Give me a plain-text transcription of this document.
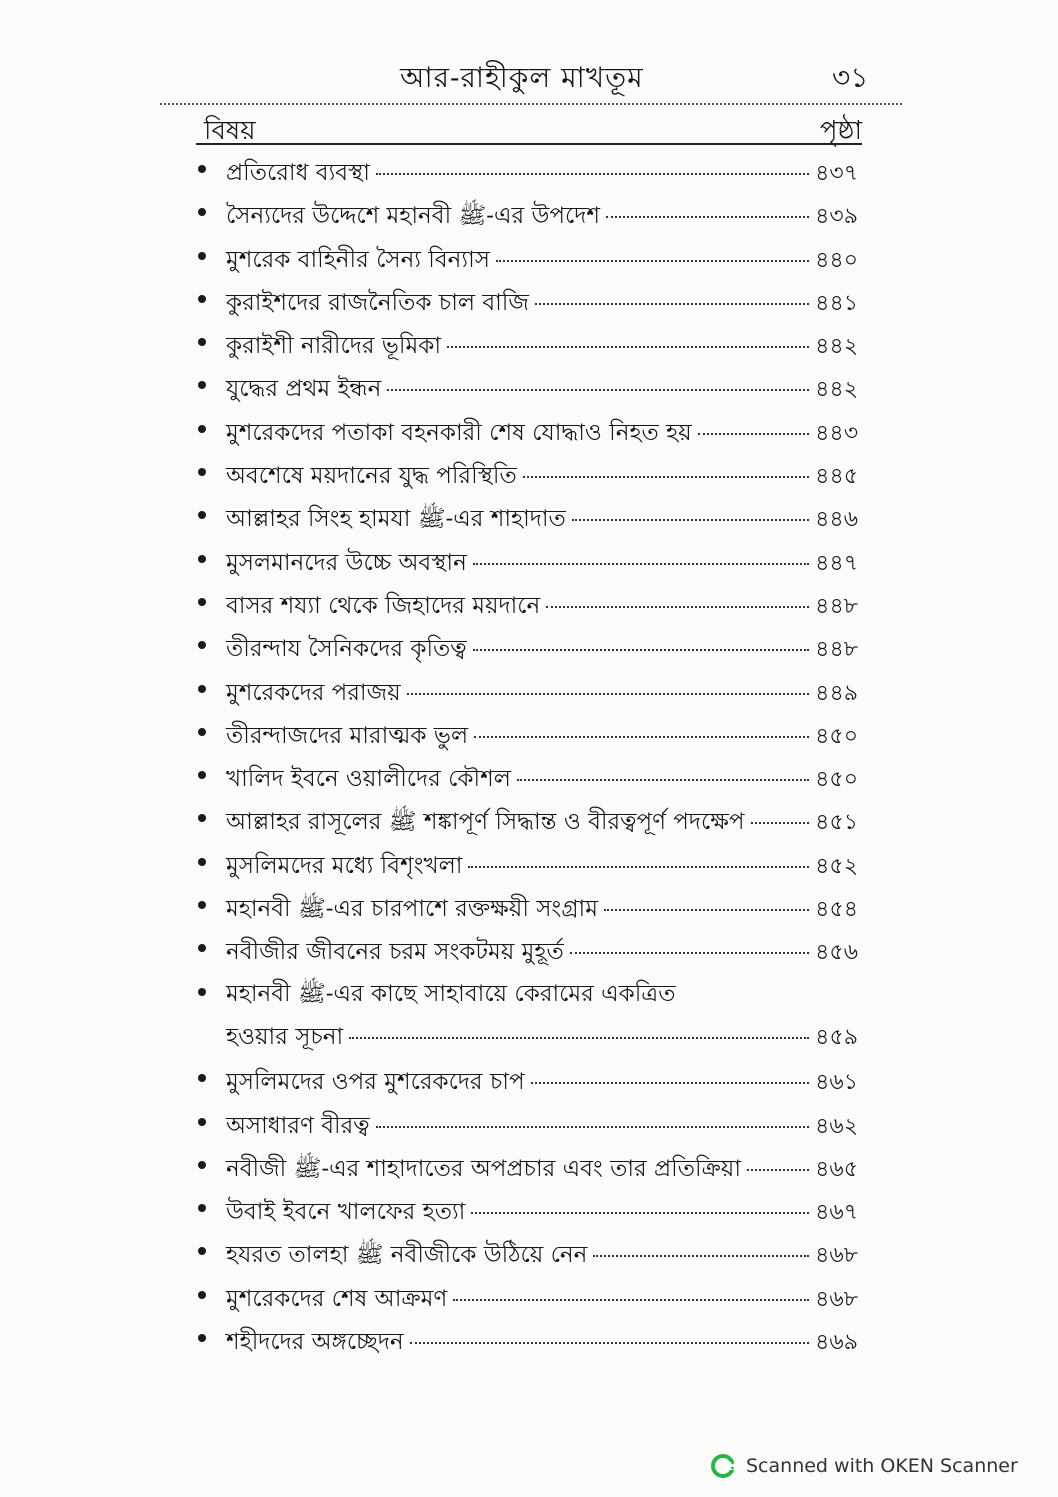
আর-রাহীকুল মাখতূম	৩১
বিষয়	পৃষ্ঠা
প্রতিরোধ ব্যবস্থা	৪৩৭
সৈন্যদের উদ্দেশে মহানবী ﷺ-এর উপদেশ	৪৩৯
মুশরেক বাহিনীর সৈন্য বিন্যাস	৪৪০
কুরাইশদের রাজনৈতিক চাল বাজি	৪৪১
কুরাইশী নারীদের ভূমিকা	৪৪২
যুদ্ধের প্রথম ইন্ধন	৪৪২
মুশরেকদের পতাকা বহনকারী শেষ যোদ্ধাও নিহত হয়	৪৪৩
অবশেষে ময়দানের যুদ্ধ পরিস্থিতি	৪৪৫
আল্লাহর সিংহ হামযা ﷺ-এর শাহাদাত	৪৪৬
মুসলমানদের উচ্চে অবস্থান	৪৪৭
বাসর শয্যা থেকে জিহাদের ময়দানে	৪৪৮
তীরন্দায সৈনিকদের কৃতিত্ব	৪৪৮
মুশরেকদের পরাজয়	৪৪৯
তীরন্দাজদের মারাত্মক ভুল	৪৫০
খালিদ ইবনে ওয়ালীদের কৌশল	৪৫০
আল্লাহর রাসূলের ﷺ শঙ্কাপূর্ণ সিদ্ধান্ত ও বীরত্বপূর্ণ পদক্ষেপ	৪৫১
মুসলিমদের মধ্যে বিশৃংখলা	৪৫২
মহানবী ﷺ-এর চারপাশে রক্তক্ষয়ী সংগ্রাম	৪৫৪
নবীজীর জীবনের চরম সংকটময় মুহূর্ত	৪৫৬
মহানবী ﷺ-এর কাছে সাহাবায়ে কেরামের একত্রিত
হওয়ার সূচনা	৪৫৯
মুসলিমদের ওপর মুশরেকদের চাপ	৪৬১
অসাধারণ বীরত্ব	৪৬২
নবীজী ﷺ-এর শাহাদাতের অপপ্রচার এবং তার প্রতিক্রিয়া	৪৬৫
উবাই ইবনে খালফের হত্যা	৪৬৭
হযরত তালহা ﷺ নবীজীকে উঠিয়ে নেন	৪৬৮
মুশরেকদের শেষ আক্রমণ	৪৬৮
শহীদদের অঙ্গচ্ছেদন	৪৬৯
Scanned with OKEN Scanner
